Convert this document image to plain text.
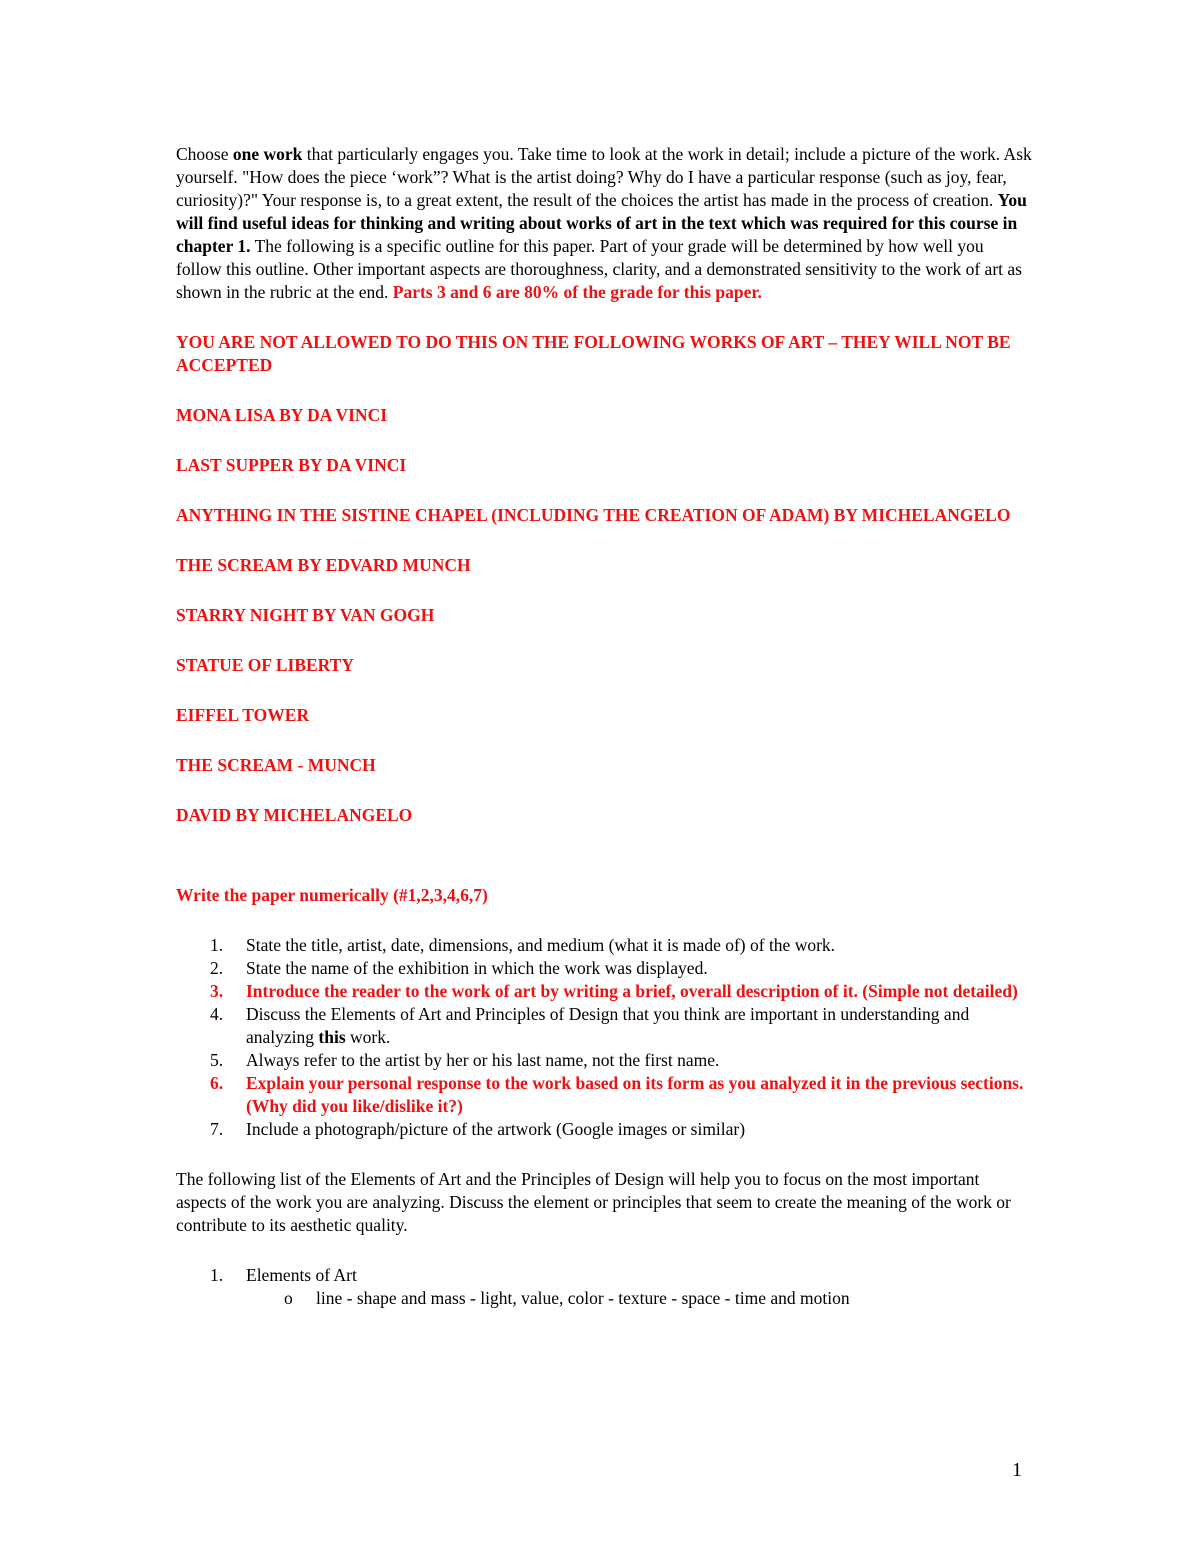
Choose one work that particularly engages you. Take time to look at the work in detail; include a picture of the work. Ask yourself. "How does the piece ‘work”? What is the artist doing? Why do I have a particular response (such as joy, fear, curiosity)?" Your response is, to a great extent, the result of the choices the artist has made in the process of creation. You will find useful ideas for thinking and writing about works of art in the text which was required for this course in chapter 1. The following is a specific outline for this paper. Part of your grade will be determined by how well you follow this outline. Other important aspects are thoroughness, clarity, and a demonstrated sensitivity to the work of art as shown in the rubric at the end. Parts 3 and 6 are 80% of the grade for this paper.

YOU ARE NOT ALLOWED TO DO THIS ON THE FOLLOWING WORKS OF ART – THEY WILL NOT BE ACCEPTED

MONA LISA BY DA VINCI

LAST SUPPER BY DA VINCI

ANYTHING IN THE SISTINE CHAPEL (INCLUDING THE CREATION OF ADAM) BY MICHELANGELO

THE SCREAM BY EDVARD MUNCH

STARRY NIGHT BY VAN GOGH

STATUE OF LIBERTY

EIFFEL TOWER

THE SCREAM - MUNCH

DAVID BY MICHELANGELO

Write the paper numerically (#1,2,3,4,6,7)

1.	State the title, artist, date, dimensions, and medium (what it is made of) of the work.
2.	State the name of the exhibition in which the work was displayed.
3.	Introduce the reader to the work of art by writing a brief, overall description of it. (Simple not detailed)
4.	Discuss the Elements of Art and Principles of Design that you think are important in understanding and analyzing this work.
5.	Always refer to the artist by her or his last name, not the first name.
6.	Explain your personal response to the work based on its form as you analyzed it in the previous sections. (Why did you like/dislike it?)
7.	Include a photograph/picture of the artwork (Google images or similar)

The following list of the Elements of Art and the Principles of Design will help you to focus on the most important aspects of the work you are analyzing. Discuss the element or principles that seem to create the meaning of the work or contribute to its aesthetic quality.

1. Elements of Art
o line - shape and mass - light, value, color - texture - space - time and motion
1
